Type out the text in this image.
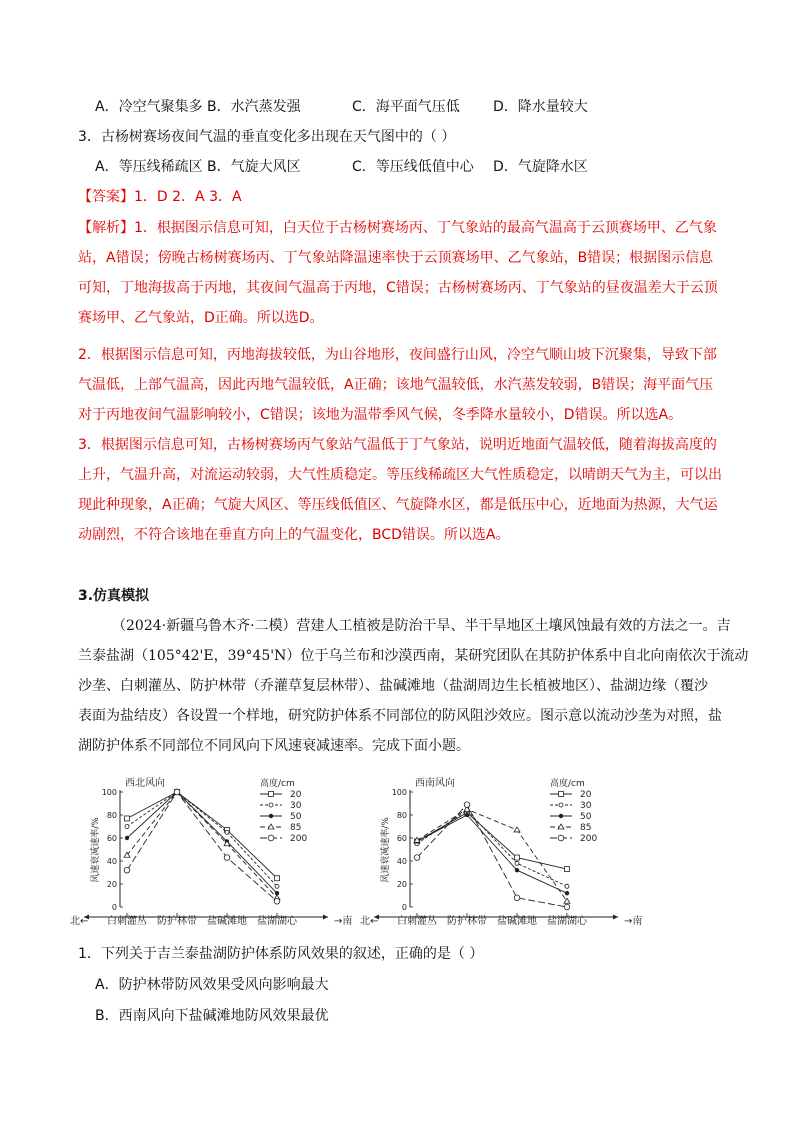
A．冷空气聚集多 B．水汽蒸发强	C．海平面气压低 D．降水量较大
3．古杨树赛场夜间气温的垂直变化多出现在天气图中的（ ）
A．等压线稀疏区 B．气旋大风区	C．等压线低值中心 D．气旋降水区
【答案】1．D 2．A 3．A
【解析】1．根据图示信息可知，白天位于古杨树赛场丙、丁气象站的最高气温高于云顶赛场甲、乙气象
站，A错误；傍晚古杨树赛场丙、丁气象站降温速率快于云顶赛场甲、乙气象站，B错误；根据图示信息
可知，丁地海拔高于丙地，其夜间气温高于丙地，C错误；古杨树赛场丙、丁气象站的昼夜温差大于云顶
赛场甲、乙气象站，D正确。所以选D。
2．根据图示信息可知，丙地海拔较低，为山谷地形，夜间盛行山风，冷空气顺山坡下沉聚集，导致下部
气温低，上部气温高，因此丙地气温较低，A正确；该地气温较低，水汽蒸发较弱，B错误；海平面气压
对于丙地夜间气温影响较小，C错误；该地为温带季风气候，冬季降水量较小，D错误。所以选A。
3．根据图示信息可知，古杨树赛场丙气象站气温低于丁气象站，说明近地面气温较低，随着海拔高度的
上升，气温升高，对流运动较弱，大气性质稳定。等压线稀疏区大气性质稳定，以晴朗天气为主，可以出
现此种现象，A正确；气旋大风区、等压线低值区、气旋降水区，都是低压中心，近地面为热源，大气运
动剧烈，不符合该地在垂直方向上的气温变化，BCD错误。所以选A。
3.仿真模拟
（2024·新疆乌鲁木齐·二模）营建人工植被是防治干旱、半干旱地区土壤风蚀最有效的方法之一。吉
兰泰盐湖（105°42'E，39°45'N）位于乌兰布和沙漠西南，某研究团队在其防护体系中自北向南依次于流动
沙垄、白刺灌丛、防护林带（乔灌草复层林带）、盐碱滩地（盐湖周边生长植被地区）、盐湖边缘（覆沙
表面为盐结皮）各设置一个样地，研究防护体系不同部位的防风阻沙效应。图示意以流动沙垄为对照，盐
湖防护体系不同部位不同风向下风速衰减速率。完成下面小题。
0
20
40
60
80
100
风速衰减速率/%
西北风向
白刺灌丛 防护林带 盐碱滩地 盐湖湖心
北←	→南
高度/cm
20
30
50
85
200
0
20
40
60
80
100
风速衰减速率/%
西南风向
白刺灌丛 防护林带 盐碱滩地 盐湖湖心
北←	→南
高度/cm
20
30
50
85
200
1．下列关于吉兰泰盐湖防护体系防风效果的叙述，正确的是（ ）
A．防护林带防风效果受风向影响最大
B．西南风向下盐碱滩地防风效果最优
